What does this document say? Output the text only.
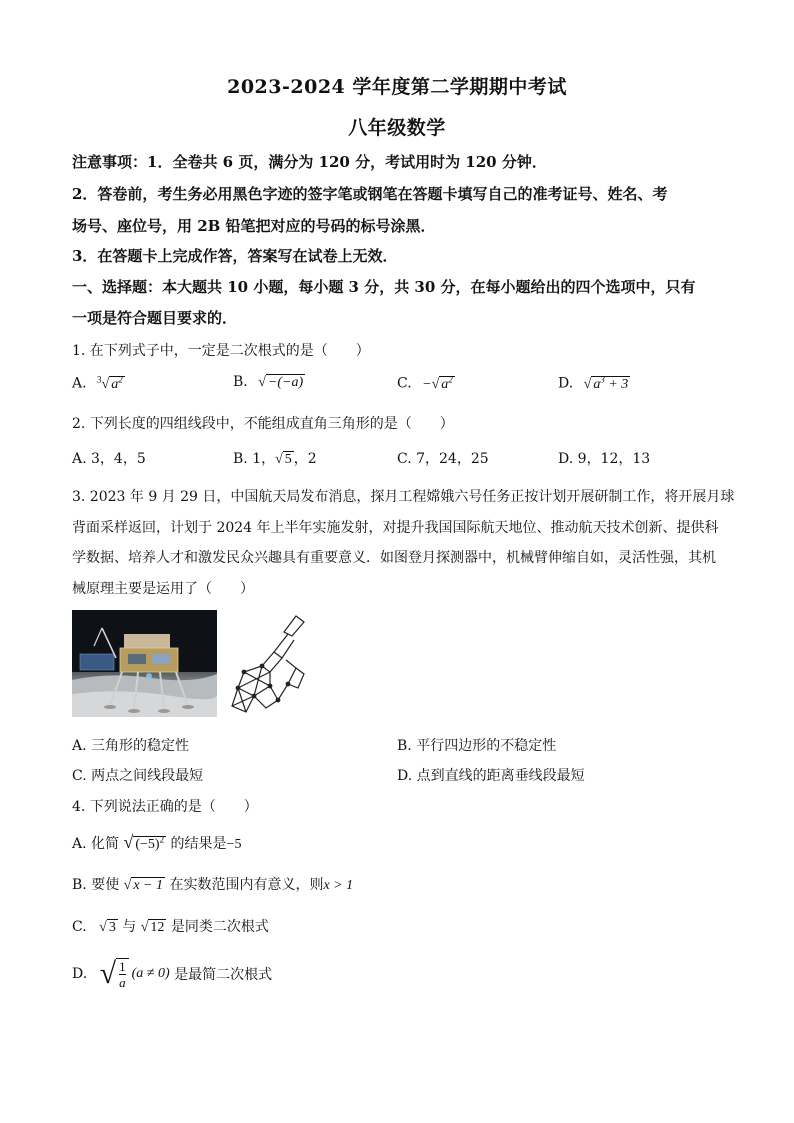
2023-2024 学年度第二学期期中考试
八年级数学
注意事项：1．全卷共 6 页，满分为 120 分，考试用时为 120 分钟．
2．答卷前，考生务必用黑色字迹的签字笔或钢笔在答题卡填写自己的准考证号、姓名、考
场号、座位号，用 2B 铅笔把对应的号码的标号涂黑．
3．在答题卡上完成作答，答案写在试卷上无效．
一、选择题：本大题共 10 小题，每小题 3 分，共 30 分，在每小题给出的四个选项中，只有
一项是符合题目要求的．
1. 在下列式子中，一定是二次根式的是（　　）
A. $^3$√ $a^2$	B. √ −(−a)	C. −√ $a^2$	D. √ $a^3 + 3$
2. 下列长度的四组线段中，不能组成直角三角形的是（　　）
A. 3，4，5	B. 1，√ 5 ，2	C. 7，24，25	D. 9，12，13
3. 2023 年 9 月 29 日，中国航天局发布消息，探月工程嫦娥六号任务正按计划开展研制工作，将开展月球
背面采样返回，计划于 2024 年上半年实施发射，对提升我国国际航天地位、推动航天技术创新、提供科
学数据、培养人才和激发民众兴趣具有重要意义．如图登月探测器中，机械臂伸缩自如，灵活性强，其机
械原理主要是运用了（　　）
A. 三角形的稳定性	B. 平行四边形的不稳定性
C. 两点之间线段最短	D. 点到直线的距离垂线段最短
4. 下列说法正确的是（　　）
A. 化简 √ $(-5)^2$ 的结果是−5
B. 要使 √ x − 1 在实数范围内有意义，则x > 1
C. √ 3 与 √ 12 是同类二次根式
D. √ 1
a
(a ≠ 0) 是最简二次根式
